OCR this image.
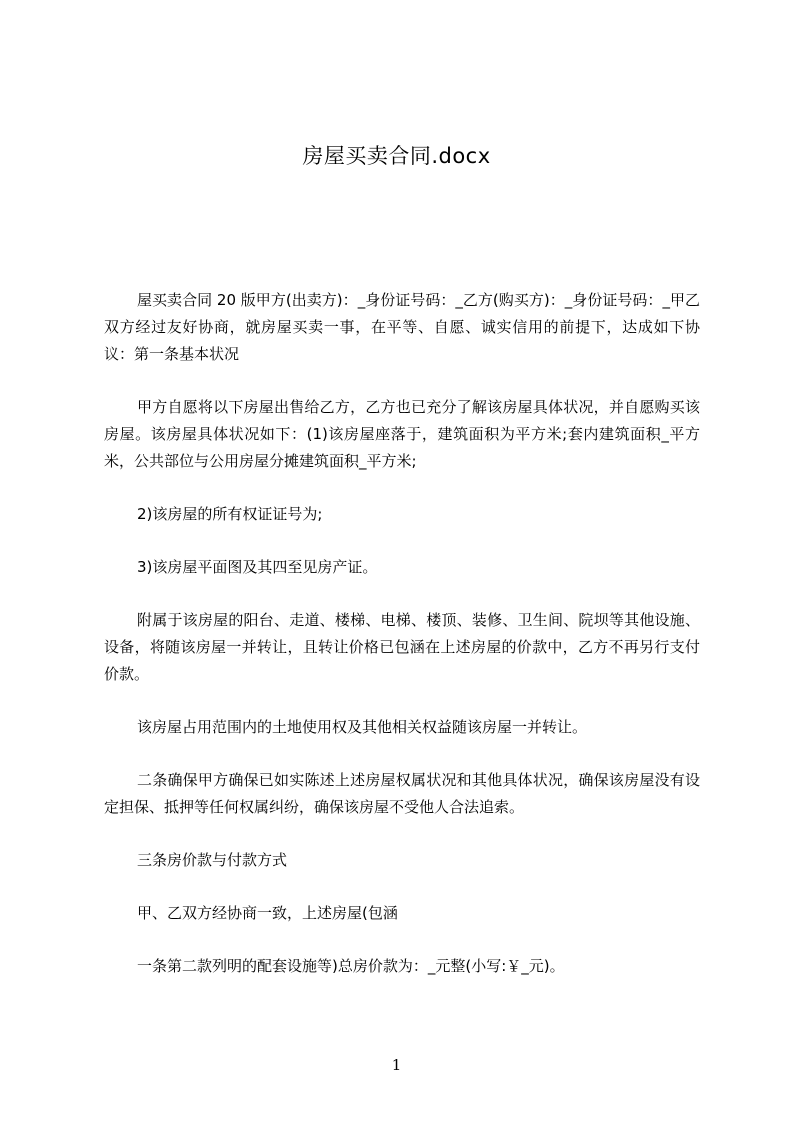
房屋买卖合同.docx

屋买卖合同 20 版甲方(出卖方)：_身份证号码：_乙方(购买方)：_身份证号码：_甲乙双方经过友好协商，就房屋买卖一事，在平等、自愿、诚实信用的前提下，达成如下协议：第一条基本状况

甲方自愿将以下房屋出售给乙方，乙方也已充分了解该房屋具体状况，并自愿购买该房屋。该房屋具体状况如下：(1)该房屋座落于，建筑面积为平方米;套内建筑面积_平方米，公共部位与公用房屋分摊建筑面积_平方米;

2)该房屋的所有权证证号为;

3)该房屋平面图及其四至见房产证。

附属于该房屋的阳台、走道、楼梯、电梯、楼顶、装修、卫生间、院坝等其他设施、设备，将随该房屋一并转让，且转让价格已包涵在上述房屋的价款中，乙方不再另行支付价款。

该房屋占用范围内的土地使用权及其他相关权益随该房屋一并转让。

二条确保甲方确保已如实陈述上述房屋权属状况和其他具体状况，确保该房屋没有设定担保、抵押等任何权属纠纷，确保该房屋不受他人合法追索。

三条房价款与付款方式

甲、乙双方经协商一致，上述房屋(包涵

一条第二款列明的配套设施等)总房价款为：_元整(小写:￥_元)。

1
